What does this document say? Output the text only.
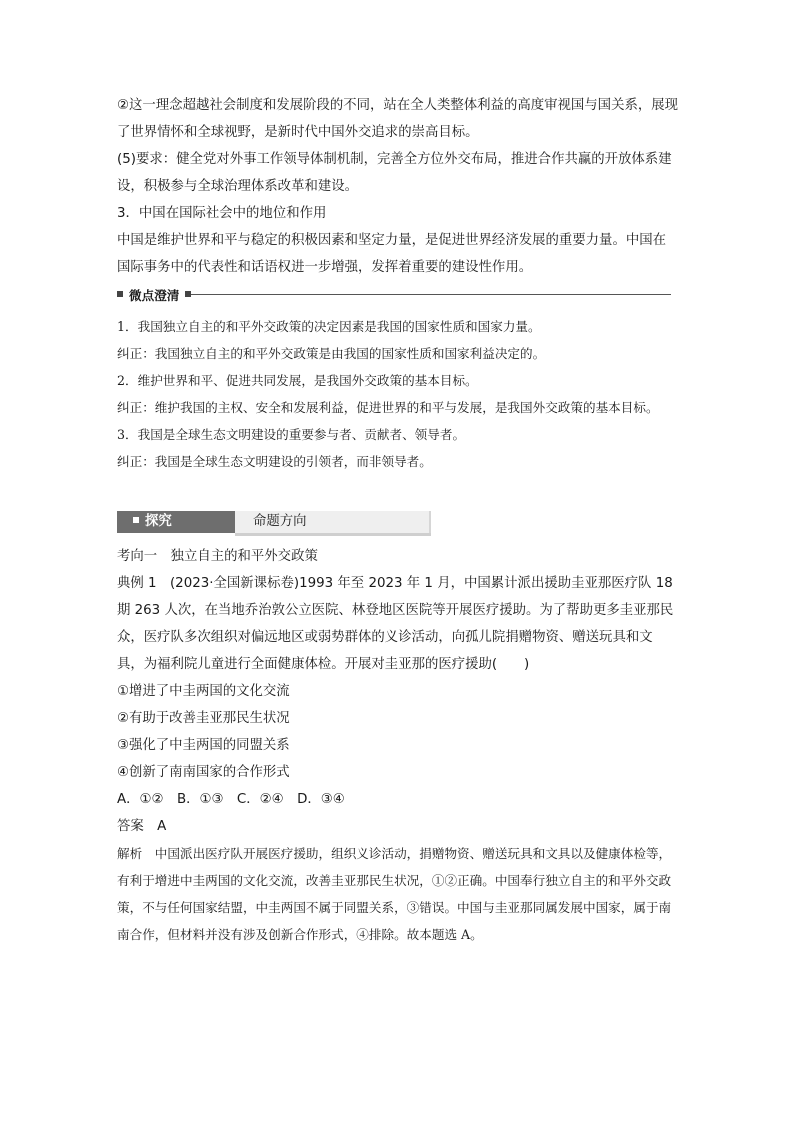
②这一理念超越社会制度和发展阶段的不同，站在全人类整体利益的高度审视国与国关系，展现了世界情怀和全球视野，是新时代中国外交追求的崇高目标。

(5)要求：健全党对外事工作领导体制机制，完善全方位外交布局，推进合作共赢的开放体系建设，积极参与全球治理体系改革和建设。

3．中国在国际社会中的地位和作用

中国是维护世界和平与稳定的积极因素和坚定力量，是促进世界经济发展的重要力量。中国在国际事务中的代表性和话语权进一步增强，发挥着重要的建设性作用。

微点澄清

1．我国独立自主的和平外交政策的决定因素是我国的国家性质和国家力量。

纠正：我国独立自主的和平外交政策是由我国的国家性质和国家利益决定的。

2．维护世界和平、促进共同发展，是我国外交政策的基本目标。

纠正：维护我国的主权、安全和发展利益，促进世界的和平与发展，是我国外交政策的基本目标。

3．我国是全球生态文明建设的重要参与者、贡献者、领导者。

纠正：我国是全球生态文明建设的引领者，而非领导者。

探究	命题方向

考向一　独立自主的和平外交政策

典例 1　(2023·全国新课标卷)1993 年至 2023 年 1 月，中国累计派出援助圭亚那医疗队 18 期 263 人次，在当地乔治敦公立医院、林登地区医院等开展医疗援助。为了帮助更多圭亚那民众，医疗队多次组织对偏远地区或弱势群体的义诊活动，向孤儿院捐赠物资、赠送玩具和文具，为福利院儿童进行全面健康体检。开展对圭亚那的医疗援助(　　)

①增进了中圭两国的文化交流

②有助于改善圭亚那民生状况

③强化了中圭两国的同盟关系

④创新了南南国家的合作形式

A．①②　B．①③　C．②④　D．③④

答案　A

解析　中国派出医疗队开展医疗援助，组织义诊活动，捐赠物资、赠送玩具和文具以及健康体检等，有利于增进中圭两国的文化交流，改善圭亚那民生状况，①②正确。中国奉行独立自主的和平外交政策，不与任何国家结盟，中圭两国不属于同盟关系，③错误。中国与圭亚那同属发展中国家，属于南南合作，但材料并没有涉及创新合作形式，④排除。故本题选 A。
